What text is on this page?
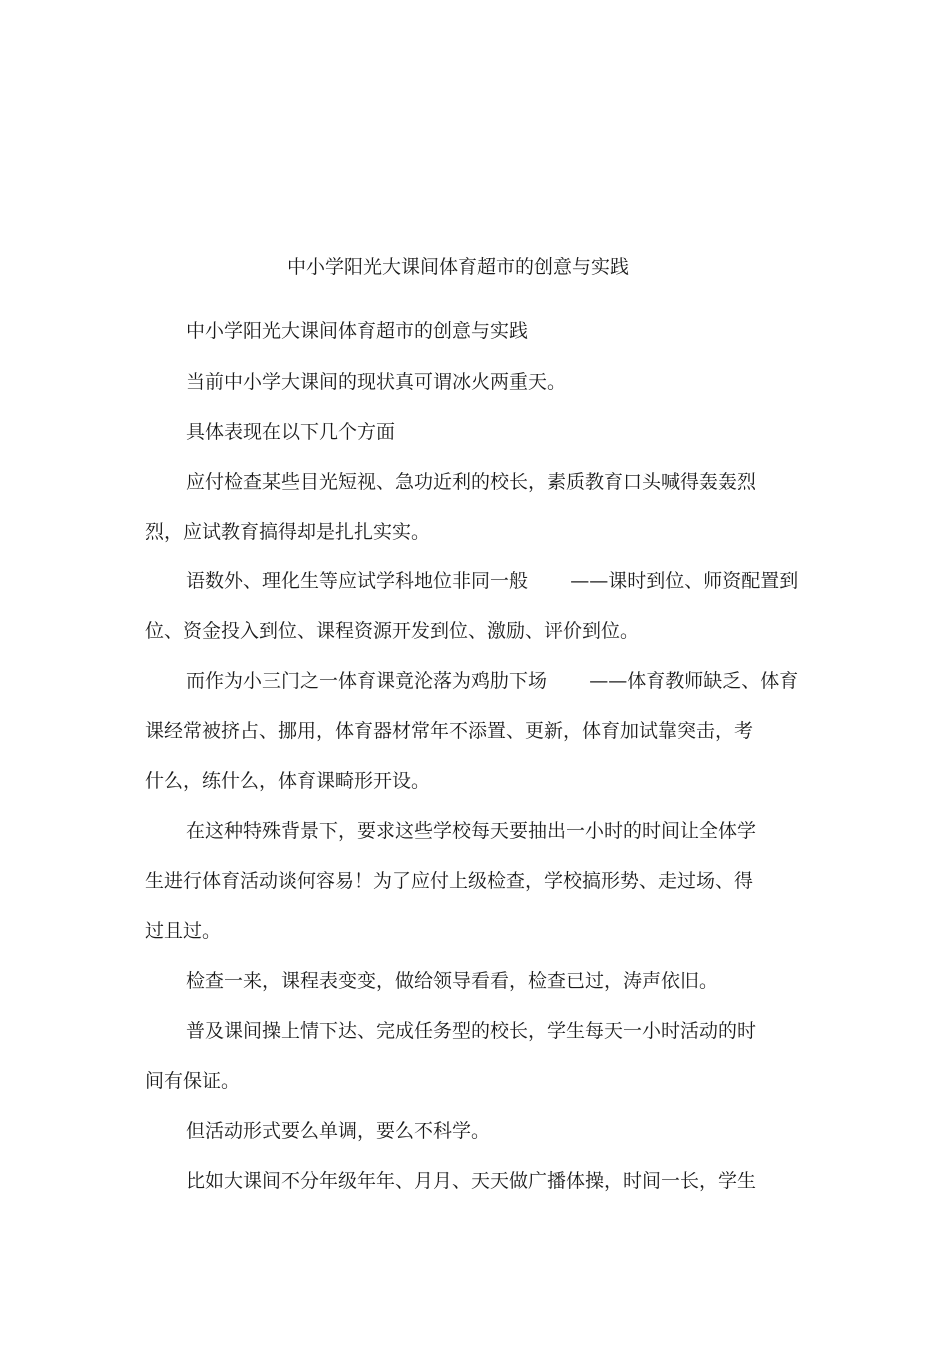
中小学阳光大课间体育超市的创意与实践
中小学阳光大课间体育超市的创意与实践
当前中小学大课间的现状真可谓冰火两重天。
具体表现在以下几个方面
应付检查某些目光短视、急功近利的校长，素质教育口头喊得轰轰烈
烈，应试教育搞得却是扎扎实实。
语数外、理化生等应试学科地位非同一般       ——课时到位、师资配置到
位、资金投入到位、课程资源开发到位、激励、评价到位。
而作为小三门之一体育课竟沦落为鸡肋下场       ——体育教师缺乏、体育
课经常被挤占、挪用，体育器材常年不添置、更新，体育加试靠突击，考
什么，练什么，体育课畸形开设。
在这种特殊背景下，要求这些学校每天要抽出一小时的时间让全体学
生进行体育活动谈何容易！为了应付上级检查，学校搞形势、走过场、得
过且过。
检查一来，课程表变变，做给领导看看，检查已过，涛声依旧。
普及课间操上情下达、完成任务型的校长，学生每天一小时活动的时
间有保证。
但活动形式要么单调，要么不科学。
比如大课间不分年级年年、月月、天天做广播体操，时间一长，学生
